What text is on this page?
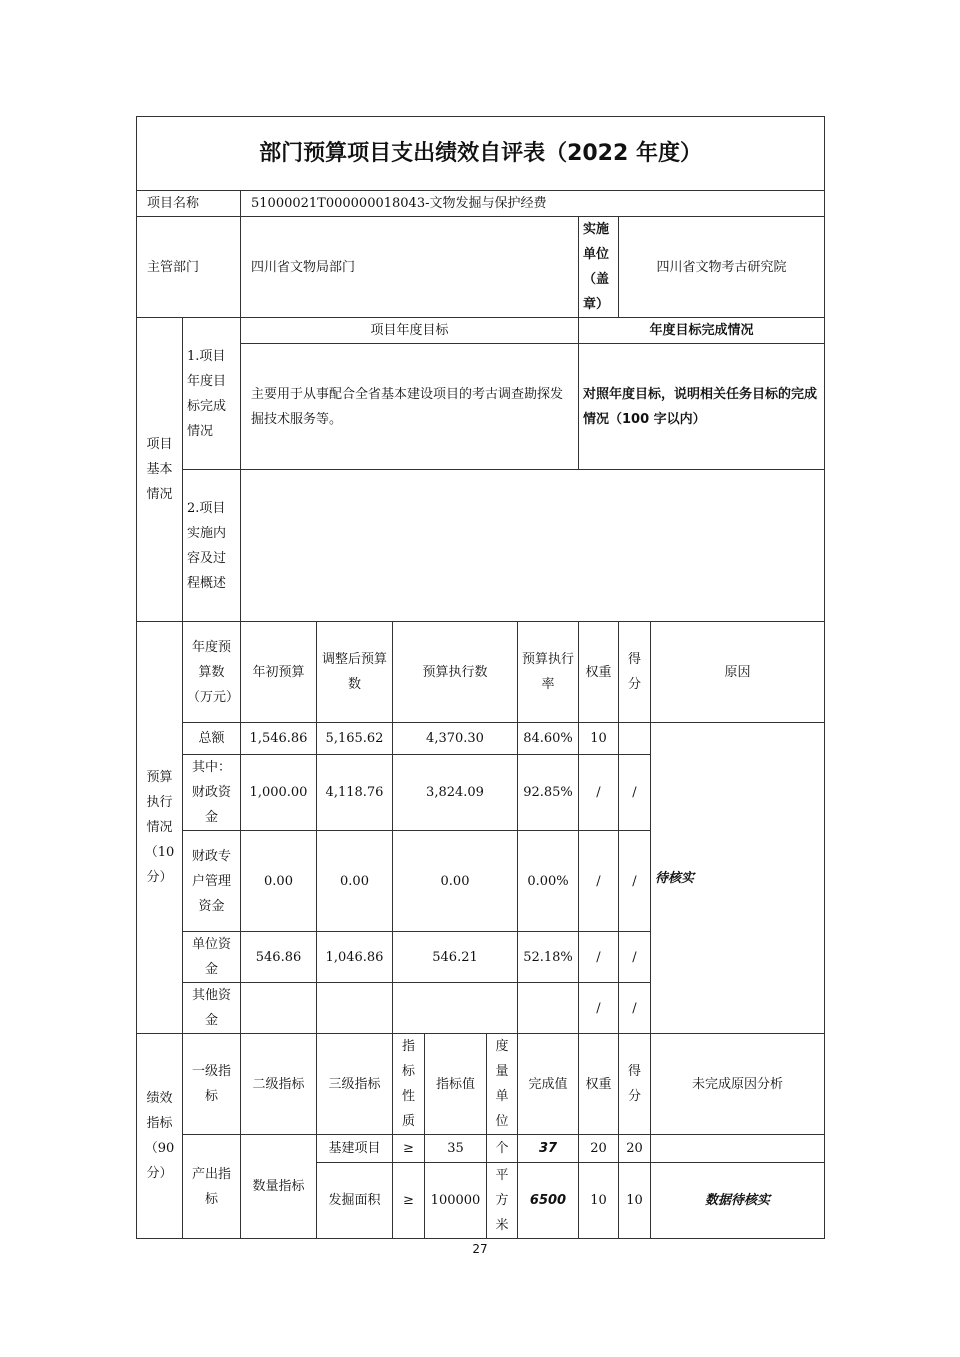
部门预算项目支出绩效自评表（2022 年度）										
项目名称		51000021T000000018043-文物发掘与保护经费								
主管部门		四川省文物局部门						实施单位（盖章）	四川省文物考古研究院	
项目基本情况	1.项目年度目标完成情况	项目年度目标						年度目标完成情况		
		主要用于从事配合全省基本建设项目的考古调查勘探发掘技术服务等。						对照年度目标，说明相关任务目标的完成情况（100 字以内）		
	2.项目实施内容及过程概述									
预算执行情况（10分）	年度预算数（万元）	年初预算	调整后预算数	预算执行数			预算执行率	权重	得分	原因
	总额	1,546.86	5,165.62	4,370.30			84.60%	10		待核实
	其中：财政资金	1,000.00	4,118.76	3,824.09			92.85%	/	/	
	财政专户管理资金	0.00	0.00	0.00			0.00%	/	/	
	单位资金	546.86	1,046.86	546.21			52.18%	/	/	
	其他资金							/	/	
绩效指标（90分）	一级指标	二级指标	三级指标	指标性质	指标值	度量单位	完成值	权重	得分	未完成原因分析
	产出指标	数量指标	基建项目	≥	35	个	37	20	20	
			发掘面积	≥	100000	平方米	6500	10	10	数据待核实
27
